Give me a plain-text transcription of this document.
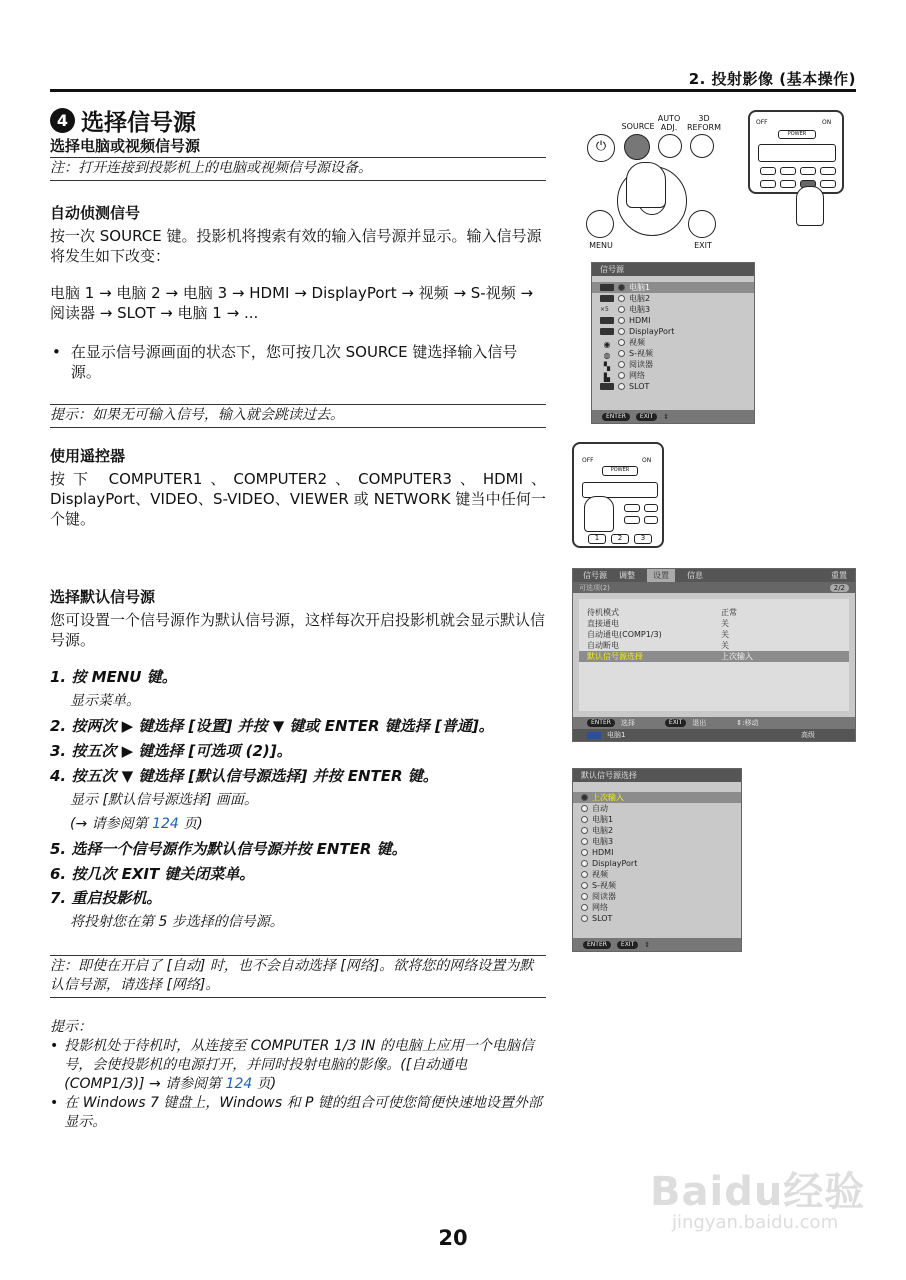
2. 投射影像 (基本操作)
4 选择信号源
选择电脑或视频信号源
注：打开连接到投影机上的电脑或视频信号源设备。
自动侦测信号
按一次 SOURCE 键。投影机将搜索有效的输入信号源并显示。输入信号源将发生如下改变：
电脑 1 → 电脑 2 → 电脑 3 → HDMI → DisplayPort → 视频 → S-视频 → 阅读器 → SLOT → 电脑 1 → ...
• 在显示信号源画面的状态下，您可按几次 SOURCE 键选择输入信号源。
提示：如果无可输入信号，输入就会跳读过去。
使用遥控器
按下 COMPUTER1、COMPUTER2、COMPUTER3、HDMI、DisplayPort、VIDEO、S-VIDEO、VIEWER 或 NETWORK 键当中任何一个键。
选择默认信号源
您可设置一个信号源作为默认信号源，这样每次开启投影机就会显示默认信号源。
1. 按 MENU 键。
显示菜单。
2. 按两次 ▶ 键选择 [设置] 并按 ▼ 键或 ENTER 键选择 [普通]。
3. 按五次 ▶ 键选择 [可选项 (2)]。
4. 按五次 ▼ 键选择 [默认信号源选择] 并按 ENTER 键。
显示 [默认信号源选择] 画面。
(→ 请参阅第 124 页)
5. 选择一个信号源作为默认信号源并按 ENTER 键。
6. 按几次 EXIT 键关闭菜单。
7. 重启投影机。
将投射您在第 5 步选择的信号源。
注：即使在开启了 [自动] 时，也不会自动选择 [网络]。欲将您的网络设置为默认信号源，请选择 [网络]。
提示：
• 投影机处于待机时，从连接至 COMPUTER 1/3 IN 的电脑上应用一个电脑信号，会使投影机的电源打开，并同时投射电脑的影像。([自动通电 (COMP1/3)] → 请参阅第 124 页)
• 在 Windows 7 键盘上，Windows 和 P 键的组合可使您简便快速地设置外部显示。
20
Baidu经验
jingyan.baidu.com
SOURCE
AUTO
ADJ.
3D
REFORM
⏻
MENU	EXIT
OFF	ON
POWER
信号源
电脑1
电脑2
×5	电脑3
HDMI
DisplayPort
◉	视频
◍	S-视频
▚	阅读器
▙	网络
SLOT
ENTER	EXIT	⇕
OFF	ON
POWER
1	2	3
信号源 调整	设置	信息	重置
可选项(2)	2/2
待机模式	正常
直接通电	关
自动通电(COMP1/3)	关
自动断电	关
默认信号源选择	上次输入
ENTER	选择	EXIT	退出	⇕:移动
电脑1	高级
默认信号源选择
上次输入
自动
电脑1
电脑2
电脑3
HDMI
DisplayPort
视频
S-视频
阅读器
网络
SLOT
ENTER	EXIT	⇕
